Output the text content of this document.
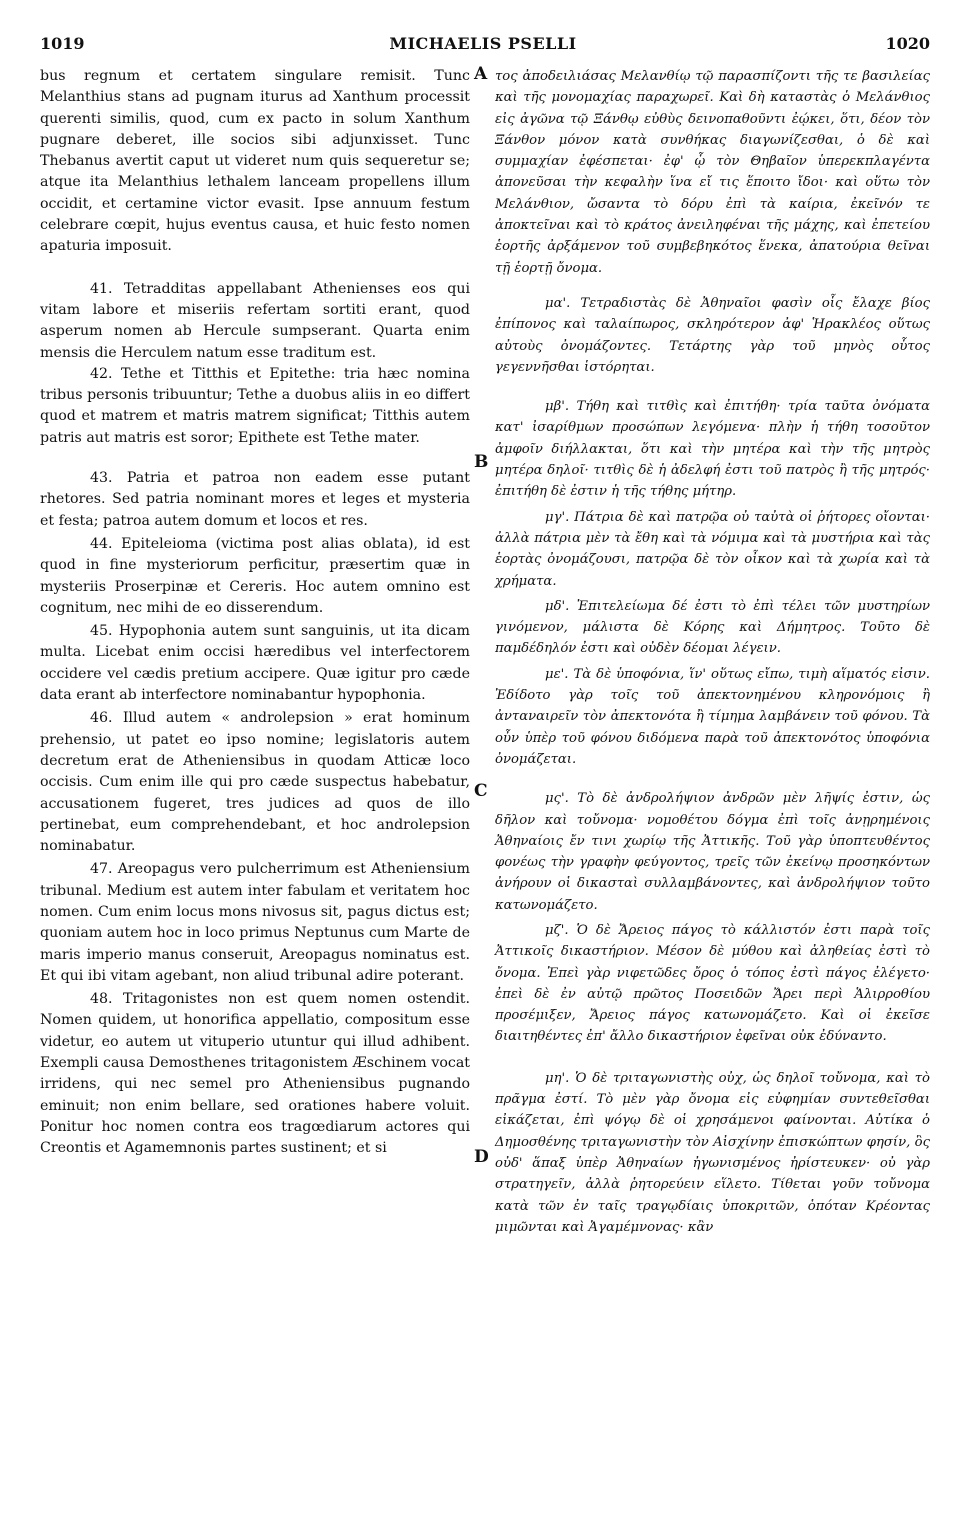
1019	MICHAELIS PSELLI	1020
A
B
C
D

bus regnum et certatem singulare remisit. Tunc Melanthius stans ad pugnam iturus ad Xanthum processit querenti similis, quod, cum ex pacto in solum Xanthum pugnare deberet, ille socios sibi adjunxisset. Tunc Thebanus avertit caput ut videret num quis sequeretur se; atque ita Melanthius lethalem lanceam propellens illum occidit, et certamine victor evasit. Ipse annuum festum celebrare cœpit, hujus eventus causa, et huic festo nomen apaturia imposuit.

41. Tetradditas appellabant Athenienses eos qui vitam labore et miseriis refertam sortiti erant, quod asperum nomen ab Hercule sumpserant. Quarta enim mensis die Herculem natum esse traditum est.

42. Tethe et Titthis et Epitethe: tria hæc nomina tribus personis tribuuntur; Tethe a duobus aliis in eo differt quod et matrem et matris matrem significat; Titthis autem patris aut matris est soror; Epithete est Tethe mater.

43. Patria et patroa non eadem esse putant rhetores. Sed patria nominant mores et leges et mysteria et festa; patroa autem domum et locos et res.

44. Epiteleioma (victima post alias oblata), id est quod in fine mysteriorum perficitur, præsertim quæ in mysteriis Proserpinæ et Cereris. Hoc autem omnino est cognitum, nec mihi de eo disserendum.

45. Hypophonia autem sunt sanguinis, ut ita dicam multa. Licebat enim occisi hæredibus vel interfectorem occidere vel cædis pretium accipere. Quæ igitur pro cæde data erant ab interfectore nominabantur hypophonia.

46. Illud autem « androlepsion » erat hominum prehensio, ut patet eo ipso nomine; legislatoris autem decretum erat de Atheniensibus in quodam Atticæ loco occisis. Cum enim ille qui pro cæde suspectus habebatur, accusationem fugeret, tres judices ad quos de illo pertinebat, eum comprehendebant, et hoc androlepsion nominabatur.

47. Areopagus vero pulcherrimum est Atheniensium tribunal. Medium est autem inter fabulam et veritatem hoc nomen. Cum enim locus mons nivosus sit, pagus dictus est; quoniam autem hoc in loco primus Neptunus cum Marte de maris imperio manus conseruit, Areopagus nominatus est. Et qui ibi vitam agebant, non aliud tribunal adire poterant.

48. Tritagonistes non est quem nomen ostendit. Nomen quidem, ut honorifica appellatio, compositum esse videtur, eo autem ut vituperio utuntur qui illud adhibent. Exempli causa Demosthenes tritagonistem Æschinem vocat irridens, qui nec semel pro Atheniensibus pugnando eminuit; non enim bellare, sed orationes habere voluit. Ponitur hoc nomen contra eos tragœdiarum actores qui Creontis et Agamemnonis partes sustinent; et si

τος ἀποδειλιάσας Μελανθίῳ τῷ παρασπίζοντι τῆς τε βασιλείας καὶ τῆς μονομαχίας παραχωρεῖ. Καὶ δὴ καταστὰς ὁ Μελάνθιος εἰς ἀγῶνα τῷ Ξάνθῳ εὐθὺς δεινοπαθοῦντι ἐῴκει, ὅτι, δέον τὸν Ξάνθον μόνον κατὰ συνθήκας διαγωνίζεσθαι, ὁ δὲ καὶ συμμαχίαν ἐφέσπεται· ἐφ' ᾧ τὸν Θηβαῖον ὑπερεκπλαγέντα ἀπονεῦσαι τὴν κεφαλὴν ἵνα εἴ τις ἕποιτο ἴδοι· καὶ οὕτω τὸν Μελάνθιον, ὤσαντα τὸ δόρυ ἐπὶ τὰ καίρια, ἐκεῖνόν τε ἀποκτεῖναι καὶ τὸ κράτος ἀνειληφέναι τῆς μάχης, καὶ ἐπετείου ἑορτῆς ἀρξάμενον τοῦ συμβεβηκότος ἕνεκα, ἀπατούρια θεῖναι τῇ ἑορτῇ ὄνομα.

μα'. Τετραδιστὰς δὲ Ἀθηναῖοι φασὶν οἷς ἔλαχε βίος ἐπίπονος καὶ ταλαίπωρος, σκληρότερον ἀφ' Ἡρακλέος οὕτως αὐτοὺς ὀνομάζοντες. Τετάρτης γὰρ τοῦ μηνὸς οὗτος γεγεννῆσθαι ἱστόρηται.

μβ'. Τήθη καὶ τιτθὶς καὶ ἐπιτήθη· τρία ταῦτα ὀνόματα κατ' ἰσαρίθμων προσώπων λεγόμενα· πλὴν ἡ τήθη τοσοῦτον ἀμφοῖν διήλλακται, ὅτι καὶ τὴν μητέρα καὶ τὴν τῆς μητρὸς μητέρα δηλοῖ· τιτθὶς δὲ ἡ ἀδελφή ἐστι τοῦ πατρὸς ἢ τῆς μητρός· ἐπιτήθη δὲ ἐστιν ἡ τῆς τήθης μήτηρ.

μγ'. Πάτρια δὲ καὶ πατρῷα οὐ ταὐτὰ οἱ ῥήτορες οἴονται· ἀλλὰ πάτρια μὲν τὰ ἔθη καὶ τὰ νόμιμα καὶ τὰ μυστήρια καὶ τὰς ἑορτὰς ὀνομάζουσι, πατρῷα δὲ τὸν οἶκον καὶ τὰ χωρία καὶ τὰ χρήματα.

μδ'. Ἐπιτελείωμα δέ ἐστι τὸ ἐπὶ τέλει τῶν μυστηρίων γινόμενον, μάλιστα δὲ Κόρης καὶ Δήμητρος. Τοῦτο δὲ παμδέδηλόν ἐστι καὶ οὐδὲν δέομαι λέγειν.

με'. Τὰ δὲ ὑποφόνια, ἵν' οὕτως εἴπω, τιμὴ αἵματός εἰσιν. Ἐδίδοτο γὰρ τοῖς τοῦ ἀπεκτονημένου κληρονόμοις ἢ ἀνταναιρεῖν τὸν ἀπεκτονότα ἢ τίμημα λαμβάνειν τοῦ φόνου. Τὰ οὖν ὑπὲρ τοῦ φόνου διδόμενα παρὰ τοῦ ἀπεκτονότος ὑποφόνια ὀνομάζεται.

μς'. Τὸ δὲ ἀνδρολήψιον ἀνδρῶν μὲν λῆψίς ἐστιν, ὡς δῆλον καὶ τοὔνομα· νομοθέτου δόγμα ἐπὶ τοῖς ἀνῃρημένοις Ἀθηναίοις ἔν τινι χωρίῳ τῆς Ἀττικῆς. Τοῦ γὰρ ὑποπτευθέντος φονέως τὴν γραφὴν φεύγοντος, τρεῖς τῶν ἐκείνῳ προσηκόντων ἀνήρουν οἱ δικασταὶ συλλαμβάνοντες, καὶ ἀνδρολήψιον τοῦτο κατωνομάζετο.

μζ'. Ὁ δὲ Ἄρειος πάγος τὸ κάλλιστόν ἐστι παρὰ τοῖς Ἀττικοῖς δικαστήριον. Μέσον δὲ μύθου καὶ ἀληθείας ἐστὶ τὸ ὄνομα. Ἐπεὶ γὰρ νιφετῶδες ὄρος ὁ τόπος ἐστὶ πάγος ἐλέγετο· ἐπεὶ δὲ ἐν αὐτῷ πρῶτος Ποσειδῶν Ἄρει περὶ Ἁλιρροθίου προσέμιξεν, Ἄρειος πάγος κατωνομάζετο. Καὶ οἱ ἐκεῖσε διαιτηθέντες ἐπ' ἄλλο δικαστήριον ἐφεῖναι οὐκ ἐδύναντο.

μη'. Ὁ δὲ τριταγωνιστὴς οὐχ, ὡς δηλοῖ τοὔνομα, καὶ τὸ πρᾶγμα ἐστί. Τὸ μὲν γὰρ ὄνομα εἰς εὐφημίαν συντεθεῖσθαι εἰκάζεται, ἐπὶ ψόγῳ δὲ οἱ χρησάμενοι φαίνονται. Αὐτίκα ὁ Δημοσθένης τριταγωνιστὴν τὸν Αἰσχίνην ἐπισκώπτων φησίν, ὃς οὐδ' ἅπαξ ὑπὲρ Ἀθηναίων ἠγωνισμένος ἠρίστευκεν· οὐ γὰρ στρατηγεῖν, ἀλλὰ ῥητορεύειν εἵλετο. Τίθεται γοῦν τοὔνομα κατὰ τῶν ἐν ταῖς τραγῳδίαις ὑποκριτῶν, ὁπόταν Κρέοντας μιμῶνται καὶ Ἀγαμέμνονας· κἂν
